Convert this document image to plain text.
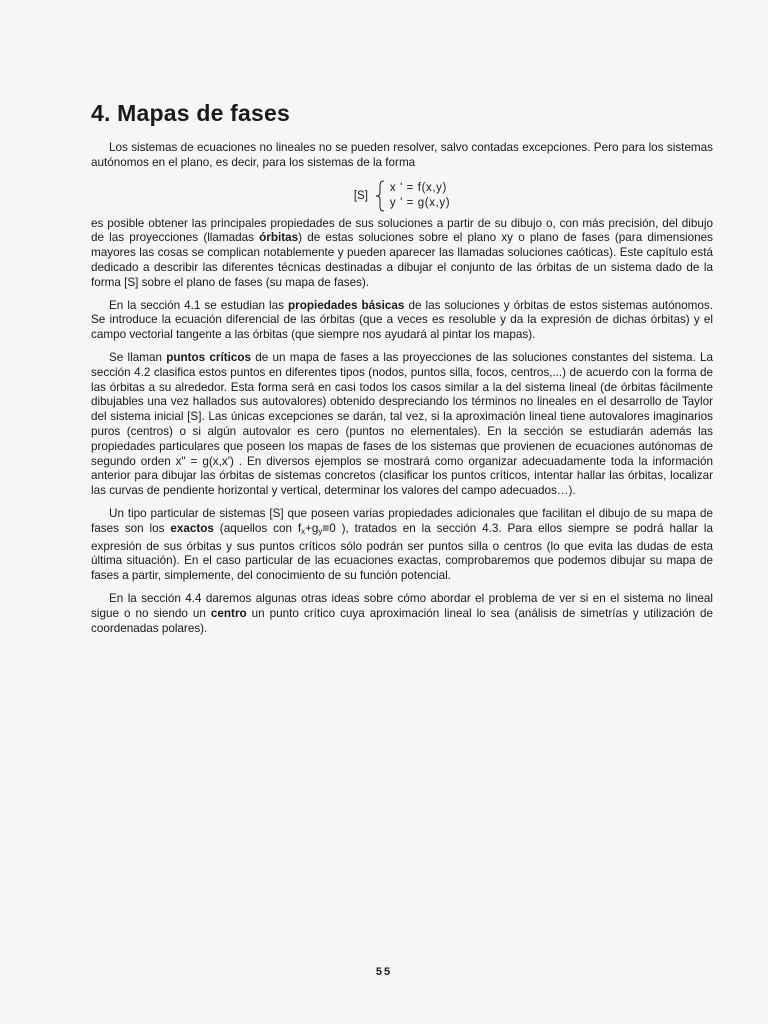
4. Mapas de fases

Los sistemas de ecuaciones no lineales no se pueden resolver, salvo contadas excepciones. Pero para los sistemas autónomos en el plano, es decir, para los sistemas de la forma

[S]
x ' = f(x,y)
y ' = g(x,y)

es posible obtener las principales propiedades de sus soluciones a partir de su dibujo o, con más precisión, del dibujo de las proyecciones (llamadas órbitas) de estas soluciones sobre el plano xy o plano de fases (para dimensiones mayores las cosas se complican notablemente y pueden aparecer las llamadas soluciones caóticas). Este capítulo está dedicado a describir las diferentes técnicas destinadas a dibujar el conjunto de las órbitas de un sistema dado de la forma [S] sobre el plano de fases (su mapa de fases).

En la sección 4.1 se estudian las propiedades básicas de las soluciones y órbitas de estos sistemas autónomos. Se introduce la ecuación diferencial de las órbitas (que a veces es resoluble y da la expresión de dichas órbitas) y el campo vectorial tangente a las órbitas (que siempre nos ayudará al pintar los mapas).

Se llaman puntos críticos de un mapa de fases a las proyecciones de las soluciones constantes del sistema. La sección 4.2 clasifica estos puntos en diferentes tipos (nodos, puntos silla, focos, centros,...) de acuerdo con la forma de las órbitas a su alrededor. Esta forma será en casi todos los casos similar a la del sistema lineal (de órbitas fácilmente dibujables una vez hallados sus autovalores) obtenido despreciando los términos no lineales en el desarrollo de Taylor del sistema inicial [S]. Las únicas excepciones se darán, tal vez, si la aproximación lineal tiene autovalores imaginarios puros (centros) o si algún autovalor es cero (puntos no elementales). En la sección se estudiarán además las propiedades particulares que poseen los mapas de fases de los sistemas que provienen de ecuaciones autónomas de segundo orden x" = g(x,x') . En diversos ejemplos se mostrará como organizar adecuadamente toda la información anterior para dibujar las órbitas de sistemas concretos (clasificar los puntos críticos, intentar hallar las órbitas, localizar las curvas de pendiente horizontal y vertical, determinar los valores del campo adecuados…).

Un tipo particular de sistemas [S] que poseen varias propiedades adicionales que facilitan el dibujo de su mapa de fases son los exactos (aquellos con $f_x+g_y\equiv 0$ ), tratados en la sección 4.3. Para ellos siempre se podrá hallar la expresión de sus órbitas y sus puntos críticos sólo podrán ser puntos silla o centros (lo que evita las dudas de esta última situación). En el caso particular de las ecuaciones exactas, comprobaremos que podemos dibujar su mapa de fases a partir, simplemente, del conocimiento de su función potencial.

En la sección 4.4 daremos algunas otras ideas sobre cómo abordar el problema de ver si en el sistema no lineal sigue o no siendo un centro un punto crítico cuya aproximación lineal lo sea (análisis de simetrías y utilización de coordenadas polares).

55
